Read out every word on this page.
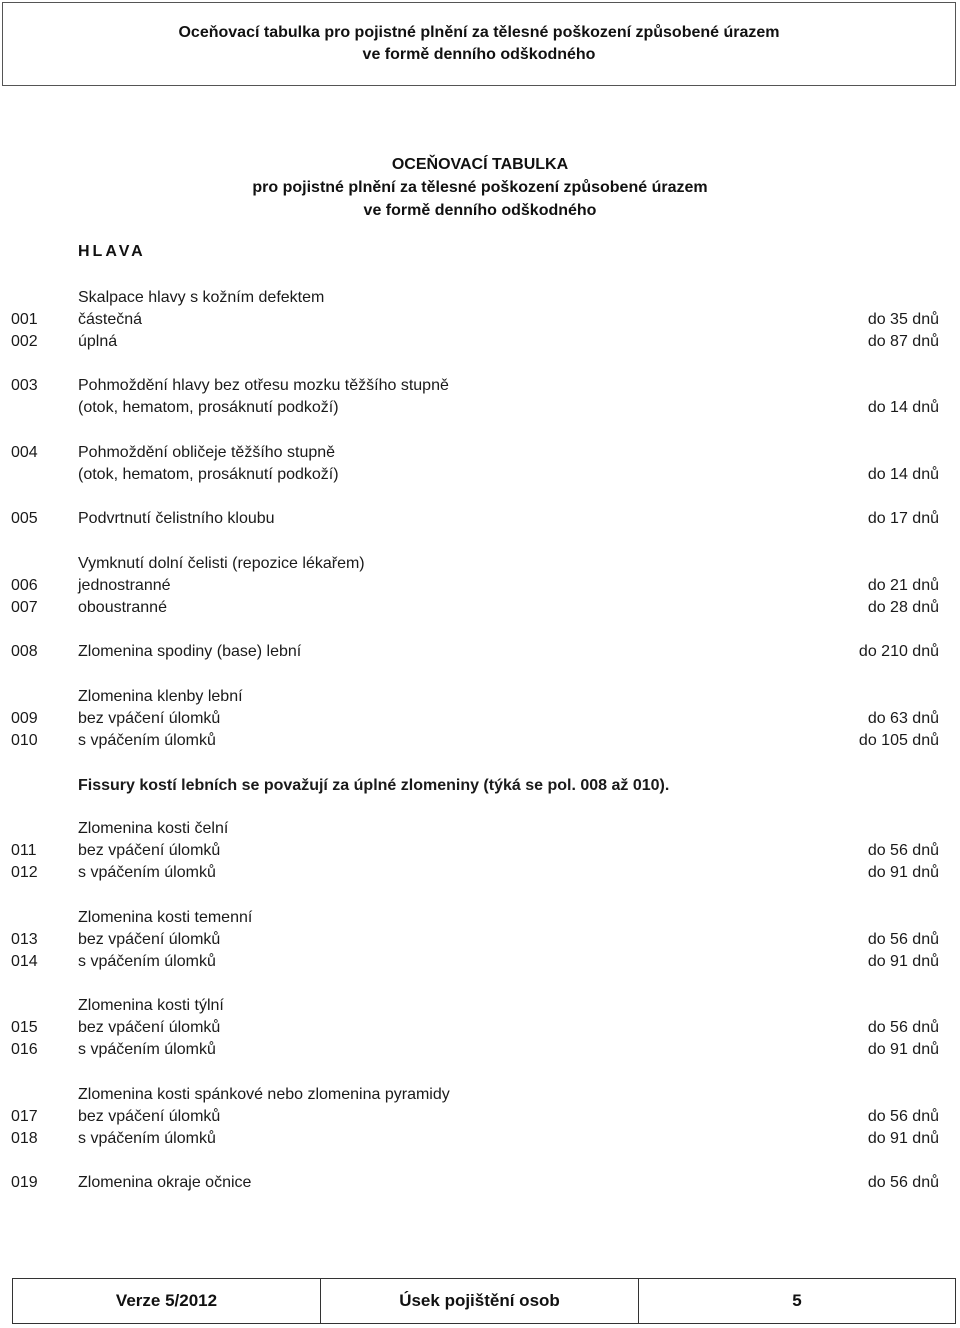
Oceňovací tabulka pro pojistné plnění za tělesné poškození způsobené úrazem
ve formě denního odškodného
OCEŇOVACÍ TABULKA
pro pojistné plnění za tělesné poškození způsobené úrazem
ve formě denního odškodného
HLAVA
Skalpace hlavy s kožním defektem
001	částečná	do 35 dnů
002	úplná	do 87 dnů
003	Pohmoždění hlavy bez otřesu mozku těžšího stupně
(otok, hematom, prosáknutí podkoží)	do 14 dnů
004	Pohmoždění obličeje těžšího stupně
(otok, hematom, prosáknutí podkoží)	do 14 dnů
005	Podvrtnutí čelistního kloubu	do 17 dnů
Vymknutí dolní čelisti (repozice lékařem)
006	jednostranné	do 21 dnů
007	oboustranné	do 28 dnů
008	Zlomenina spodiny (base) lební	do 210 dnů
Zlomenina klenby lební
009	bez vpáčení úlomků	do 63 dnů
010	s vpáčením úlomků	do 105 dnů
Zlomenina kosti čelní
011	bez vpáčení úlomků	do 56 dnů
012	s vpáčením úlomků	do 91 dnů
Zlomenina kosti temenní
013	bez vpáčení úlomků	do 56 dnů
014	s vpáčením úlomků	do 91 dnů
Zlomenina kosti týlní
015	bez vpáčení úlomků	do 56 dnů
016	s vpáčením úlomků	do 91 dnů
Zlomenina kosti spánkové nebo zlomenina pyramidy
017	bez vpáčení úlomků	do 56 dnů
018	s vpáčením úlomků	do 91 dnů
019	Zlomenina okraje očnice	do 56 dnů
Fissury kostí lebních se považují za úplné zlomeniny (týká se pol. 008 až 010).
Verze 5/2012	Úsek pojištění osob	5
